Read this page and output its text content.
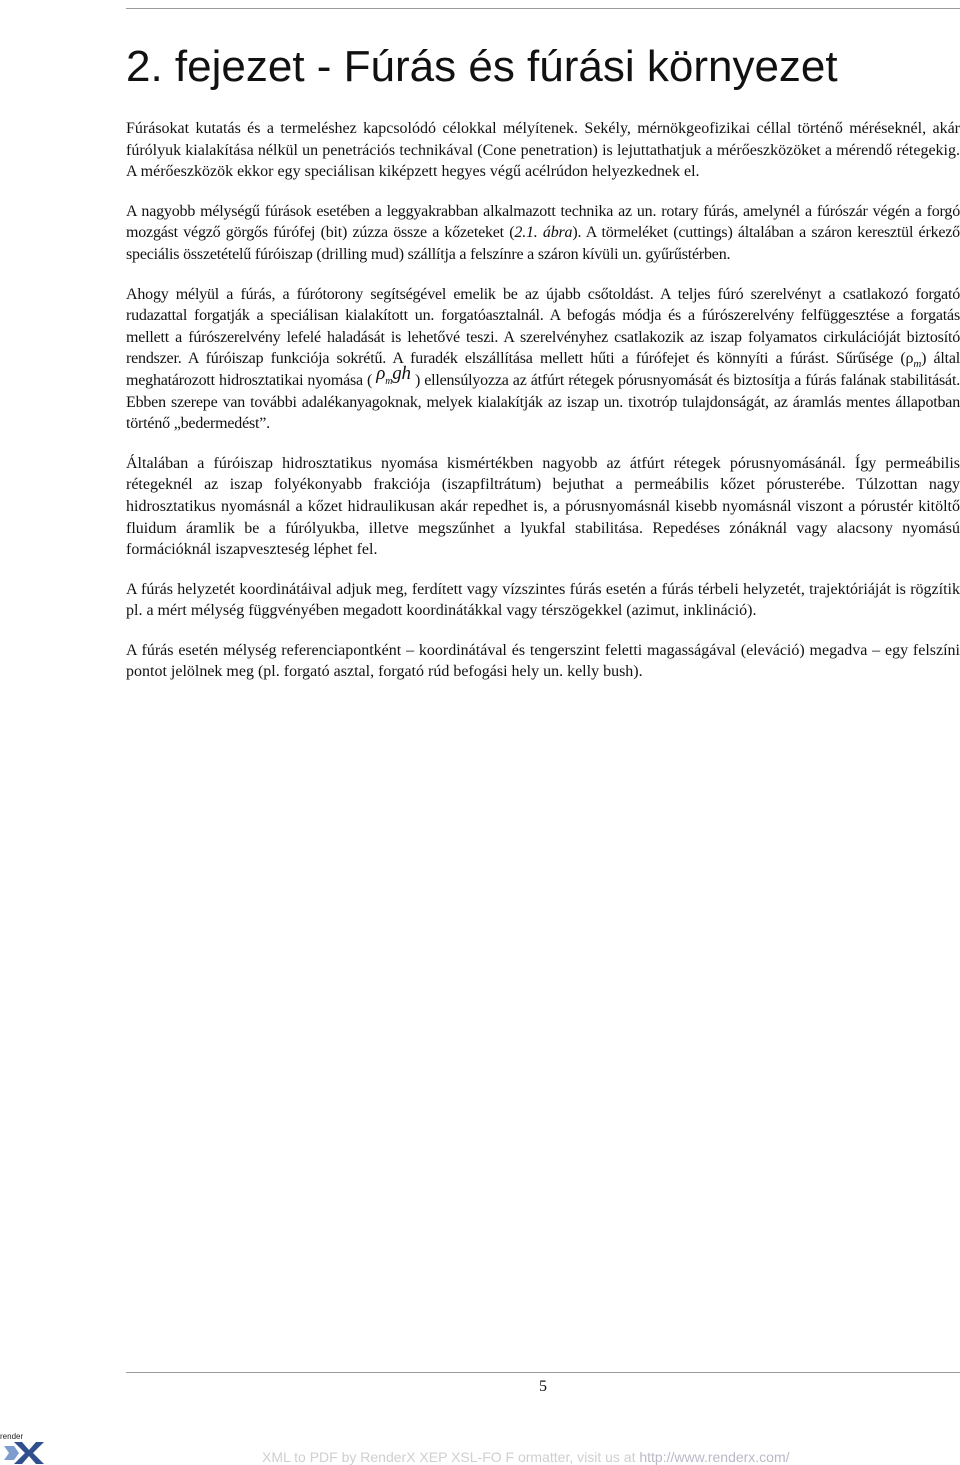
2. fejezet - Fúrás és fúrási környezet

Fúrásokat kutatás és a termeléshez kapcsolódó célokkal mélyítenek. Sekély, mérnökgeofizikai céllal történő méréseknél, akár fúrólyuk kialakítása nélkül un penetrációs technikával (Cone penetration) is lejuttathatjuk a mérőeszközöket a mérendő rétegekig. A mérőeszközök ekkor egy speciálisan kiképzett hegyes végű acélrúdon helyezkednek el.

A nagyobb mélységű fúrások esetében a leggyakrabban alkalmazott technika az un. rotary fúrás, amelynél a fúrószár végén a forgó mozgást végző görgős fúrófej (bit) zúzza össze a kőzeteket (2.1. ábra). A törmeléket (cuttings) általában a száron keresztül érkező speciális összetételű fúróiszap (drilling mud) szállítja a felszínre a száron kívüli un. gyűrűstérben.

Ahogy mélyül a fúrás, a fúrótorony segítségével emelik be az újabb csőtoldást. A teljes fúró szerelvényt a csatlakozó forgató rudazattal forgatják a speciálisan kialakított un. forgatóasztalnál. A befogás módja és a fúrószerelvény felfüggesztése a forgatás mellett a fúrószerelvény lefelé haladását is lehetővé teszi. A szerelvényhez csatlakozik az iszap folyamatos cirkulációját biztosító rendszer. A fúróiszap funkciója sokrétű. A furadék elszállítása mellett hűti a fúrófejet és könnyíti a fúrást. Sűrűsége $(\rho_m)$ által meghatározott hidrosztatikai nyomása ( $\rho_mgh$ ) ellensúlyozza az átfúrt rétegek pórusnyomását és biztosítja a fúrás falának stabilitását. Ebben szerepe van további adalékanyagoknak, melyek kialakítják az iszap un. tixotróp tulajdonságát, az áramlás mentes állapotban történő „bedermedést”.

Általában a fúróiszap hidrosztatikus nyomása kismértékben nagyobb az átfúrt rétegek pórusnyomásánál. Így permeábilis rétegeknél az iszap folyékonyabb frakciója (iszapfiltrátum) bejuthat a permeábilis kőzet pórusterébe. Túlzottan nagy hidrosztatikus nyomásnál a kőzet hidraulikusan akár repedhet is, a pórusnyomásnál kisebb nyomásnál viszont a pórustér kitöltő fluidum áramlik be a fúrólyukba, illetve megszűnhet a lyukfal stabilitása. Repedéses zónáknál vagy alacsony nyomású formációknál iszapveszteség léphet fel.

A fúrás helyzetét koordinátáival adjuk meg, ferdített vagy vízszintes fúrás esetén a fúrás térbeli helyzetét, trajektóriáját is rögzítik pl. a mért mélység függvényében megadott koordinátákkal vagy térszögekkel (azimut, inklináció).

A fúrás esetén mélység referenciapontként – koordinátával és tengerszint feletti magasságával (eleváció) megadva – egy felszíni pontot jelölnek meg (pl. forgató asztal, forgató rúd befogási hely un. kelly bush).

5
render
XML to PDF by RenderX XEP XSL-FO F ormatter, visit us at http://www.renderx.com/
